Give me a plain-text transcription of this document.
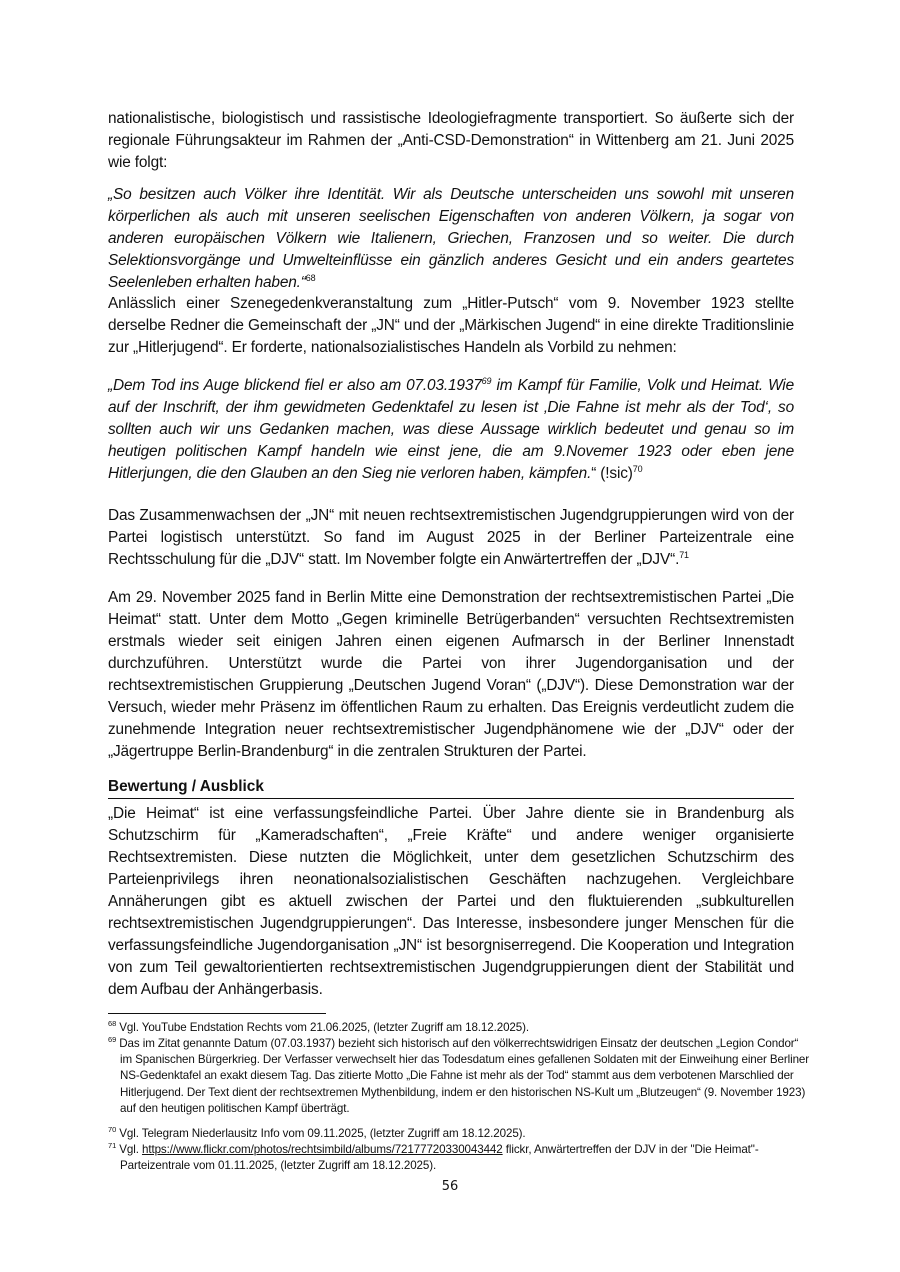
nationalistische, biologistisch und rassistische Ideologiefragmente transportiert. So äußerte sich der regionale Führungsakteur im Rahmen der „Anti-CSD-Demonstration“ in Wittenberg am 21. Juni 2025 wie folgt:

„So besitzen auch Völker ihre Identität. Wir als Deutsche unterscheiden uns sowohl mit unseren körperlichen als auch mit unseren seelischen Eigenschaften von anderen Völkern, ja sogar von anderen europäischen Völkern wie Italienern, Griechen, Franzosen und so weiter. Die durch Selektionsvorgänge und Umwelteinflüsse ein gänzlich anderes Gesicht und ein anders geartetes Seelenleben erhalten haben.“$^{68}$

Anlässlich einer Szenegedenkveranstaltung zum „Hitler-Putsch“ vom 9. November 1923 stellte derselbe Redner die Gemeinschaft der „JN“ und der „Märkischen Jugend“ in eine direkte Traditionslinie zur „Hitlerjugend“. Er forderte, nationalsozialistisches Handeln als Vorbild zu nehmen:

„Dem Tod ins Auge blickend fiel er also am 07.03.1937$^{69}$ im Kampf für Familie, Volk und Heimat. Wie auf der Inschrift, der ihm gewidmeten Gedenktafel zu lesen ist ‚Die Fahne ist mehr als der Tod‘, so sollten auch wir uns Gedanken machen, was diese Aussage wirklich bedeutet und genau so im heutigen politischen Kampf handeln wie einst jene, die am 9.Novemer 1923 oder eben jene Hitlerjungen, die den Glauben an den Sieg nie verloren haben, kämpfen.“ $(!sic)^{70}$

Das Zusammenwachsen der „JN“ mit neuen rechtsextremistischen Jugendgruppierungen wird von der Partei logistisch unterstützt. So fand im August 2025 in der Berliner Parteizentrale eine Rechtsschulung für die „DJV“ statt. Im November folgte ein Anwärtertreffen der „DJV“.$^{71}$

Am 29. November 2025 fand in Berlin Mitte eine Demonstration der rechtsextremistischen Partei „Die Heimat“ statt. Unter dem Motto „Gegen kriminelle Betrügerbanden“ versuchten Rechtsextremisten erstmals wieder seit einigen Jahren einen eigenen Aufmarsch in der Berliner Innenstadt durchzuführen. Unterstützt wurde die Partei von ihrer Jugendorganisation und der rechtsextremistischen Gruppierung „Deutschen Jugend Voran“ („DJV“). Diese Demonstration war der Versuch, wieder mehr Präsenz im öffentlichen Raum zu erhalten. Das Ereignis verdeutlicht zudem die zunehmende Integration neuer rechtsextremistischer Jugendphänomene wie der „DJV“ oder der „Jägertruppe Berlin-Brandenburg“ in die zentralen Strukturen der Partei.

Bewertung / Ausblick

„Die Heimat“ ist eine verfassungsfeindliche Partei. Über Jahre diente sie in Brandenburg als Schutzschirm für „Kameradschaften“, „Freie Kräfte“ und andere weniger organisierte Rechtsextremisten. Diese nutzten die Möglichkeit, unter dem gesetzlichen Schutzschirm des Parteienprivilegs ihren neonationalsozialistischen Geschäften nachzugehen. Vergleichbare Annäherungen gibt es aktuell zwischen der Partei und den fluktuierenden „subkulturellen rechtsextremistischen Jugendgruppierungen“. Das Interesse, insbesondere junger Menschen für die verfassungsfeindliche Jugendorganisation „JN“ ist besorgniserregend. Die Kooperation und Integration von zum Teil gewaltorientierten rechtsextremistischen Jugendgruppierungen dient der Stabilität und dem Aufbau der Anhängerbasis.

$^{68}$ Vgl. YouTube Endstation Rechts vom 21.06.2025, (letzter Zugriff am 18.12.2025).

$^{69}$ Das im Zitat genannte Datum (07.03.1937) bezieht sich historisch auf den völkerrechtswidrigen Einsatz der deutschen „Legion Condor“ im Spanischen Bürgerkrieg. Der Verfasser verwechselt hier das Todesdatum eines gefallenen Soldaten mit der Einweihung einer Berliner NS-Gedenktafel an exakt diesem Tag. Das zitierte Motto „Die Fahne ist mehr als der Tod“ stammt aus dem verbotenen Marschlied der Hitlerjugend. Der Text dient der rechtsextremen Mythenbildung, indem er den historischen NS-Kult um „Blutzeugen“ (9. November 1923) auf den heutigen politischen Kampf überträgt.

$^{70}$ Vgl. Telegram Niederlausitz Info vom 09.11.2025, (letzter Zugriff am 18.12.2025).

$^{71}$ Vgl. https://www.flickr.com/photos/rechtsimbild/albums/72177720330043442 flickr, Anwärtertreffen der DJV in der "Die Heimat"-Parteizentrale vom 01.11.2025, (letzter Zugriff am 18.12.2025).

56
